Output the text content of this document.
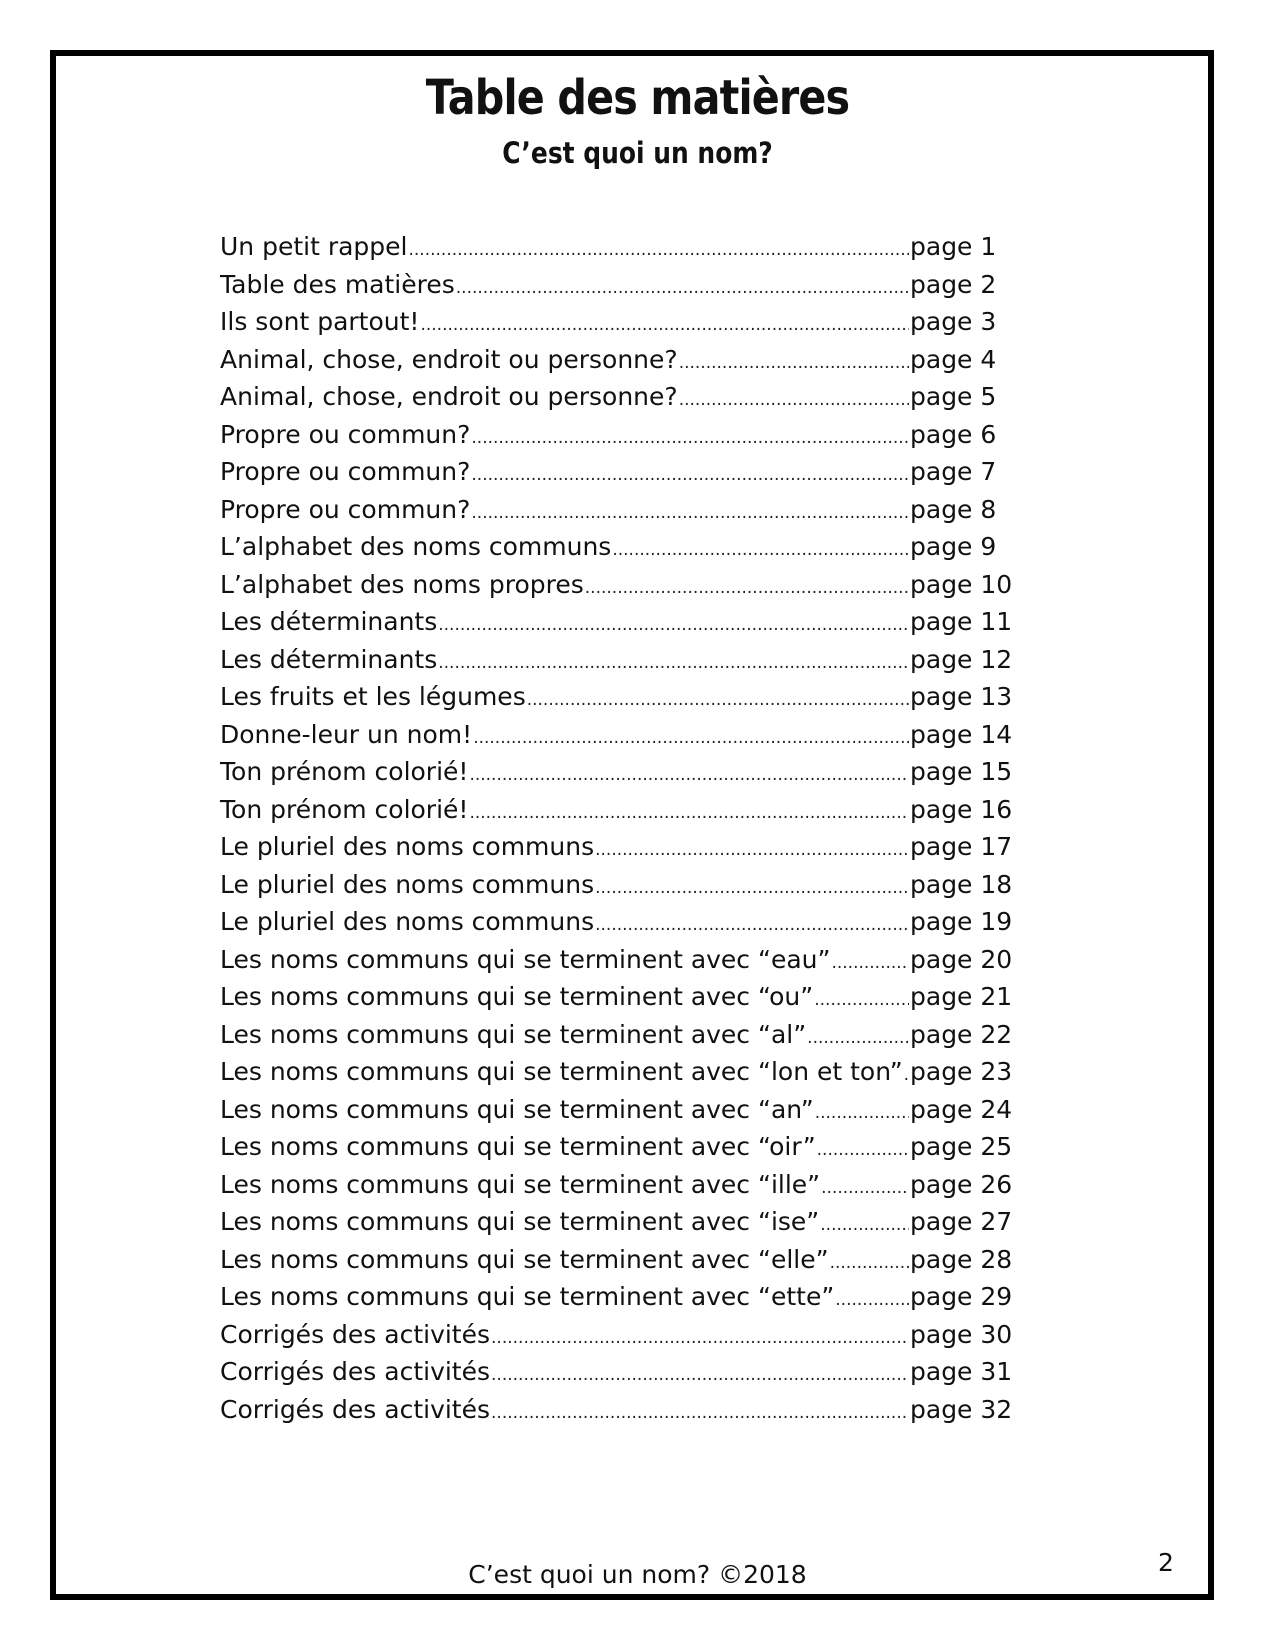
Table des matières
C’est quoi un nom?
Un petit rappel .....	page 1
Table des matières .....	page 2
Ils sont partout! .....	page 3
Animal, chose, endroit ou personne? .....	page 4
Animal, chose, endroit ou personne? .....	page 5
Propre ou commun? .....	page 6
Propre ou commun? .....	page 7
Propre ou commun? .....	page 8
L’alphabet des noms communs .....	page 9
L’alphabet des noms propres .....	page 10
Les déterminants .....	page 11
Les déterminants .....	page 12
Les fruits et les légumes .....	page 13
Donne-leur un nom! .....	page 14
Ton prénom colorié! .....	page 15
Ton prénom colorié! .....	page 16
Le pluriel des noms communs .....	page 17
Le pluriel des noms communs .....	page 18
Le pluriel des noms communs .....	page 19
Les noms communs qui se terminent avec “eau” .....	page 20
Les noms communs qui se terminent avec “ou” .....	page 21
Les noms communs qui se terminent avec “al” .....	page 22
Les noms communs qui se terminent avec “lon et ton” ..... page 23
Les noms communs qui se terminent avec “an” .....	page 24
Les noms communs qui se terminent avec “oir” .....	page 25
Les noms communs qui se terminent avec “ille” .....	page 26
Les noms communs qui se terminent avec “ise” .....	page 27
Les noms communs qui se terminent avec “elle” .....	page 28
Les noms communs qui se terminent avec “ette” .....	page 29
Corrigés des activités .....	page 30
Corrigés des activités .....	page 31
Corrigés des activités .....	page 32
C’est quoi un nom? ©2018	2
